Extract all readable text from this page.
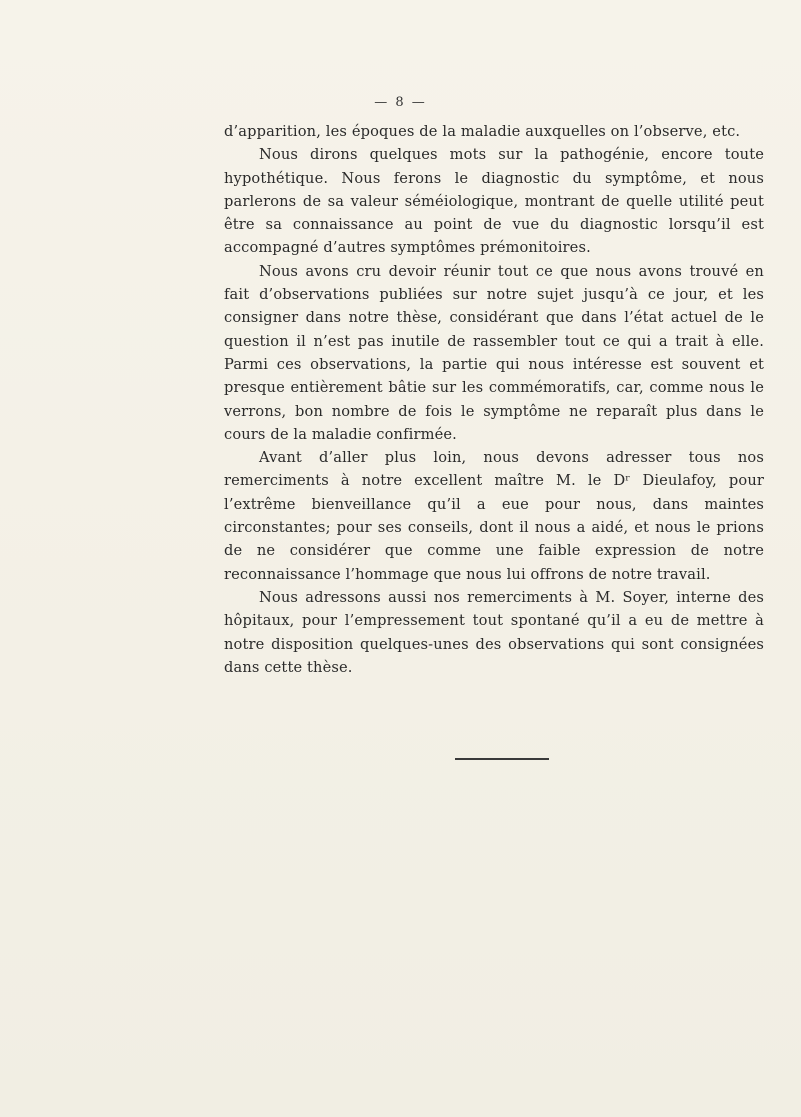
— 8 —

d’apparition, les époques de la maladie auxquelles on l’observe, etc.

Nous dirons quelques mots sur la pathogénie, encore toute hypothétique. Nous ferons le diagnostic du symptôme, et nous parlerons de sa valeur séméiologique, montrant de quelle utilité peut être sa connaissance au point de vue du diagnostic lorsqu’il est accompagné d’autres symptômes prémonitoires.

Nous avons cru devoir réunir tout ce que nous avons trouvé en fait d’observations publiées sur notre sujet jusqu’à ce jour, et les consigner dans notre thèse, considérant que dans l’état actuel de le question il n’est pas inutile de rassembler tout ce qui a trait à elle. Parmi ces observations, la partie qui nous intéresse est souvent et presque entièrement bâtie sur les commémoratifs, car, comme nous le verrons, bon nombre de fois le symptôme ne reparaît plus dans le cours de la maladie confirmée.

Avant d’aller plus loin, nous devons adresser tous nos remerciments à notre excellent maître M. le Dʳ Dieulafoy, pour l’extrême bienveillance qu’il a eue pour nous, dans maintes circonstantes; pour ses conseils, dont il nous a aidé, et nous le prions de ne considérer que comme une faible expression de notre reconnaissance l’hommage que nous lui offrons de notre travail.

Nous adressons aussi nos remerciments à M. Soyer, interne des hôpitaux, pour l’empressement tout spontané qu’il a eu de mettre à notre disposition quelques-unes des observations qui sont consignées dans cette thèse.
